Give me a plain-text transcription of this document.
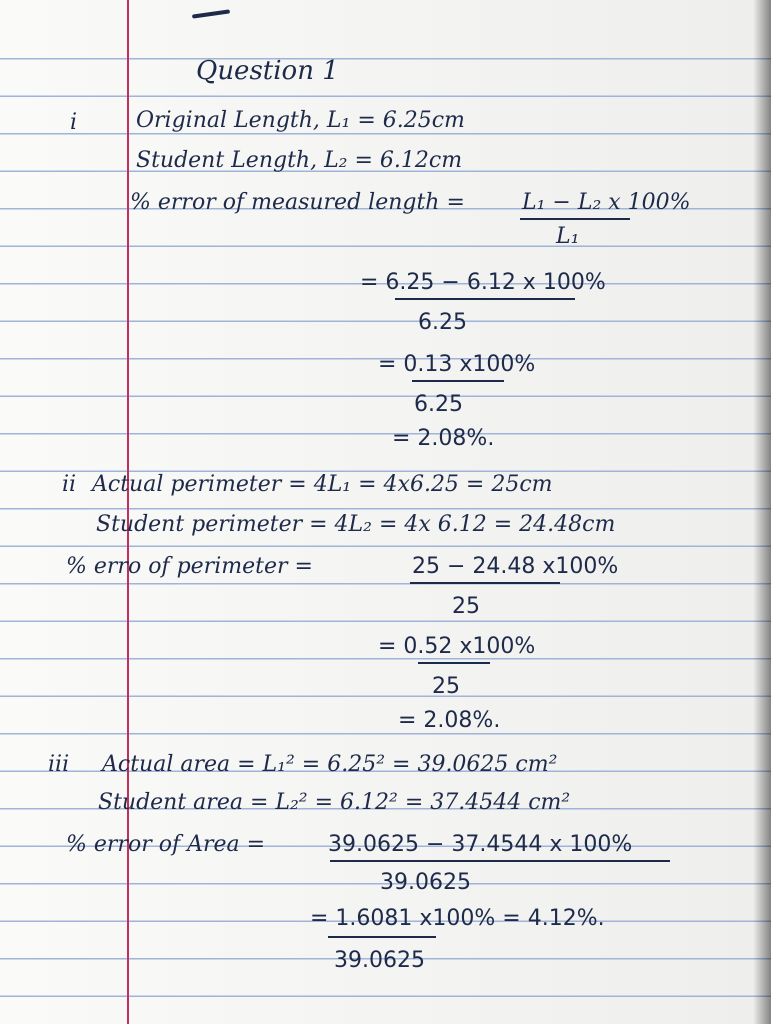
Question 1
i	Original Length, L₁ = 6.25cm
Student Length, L₂ = 6.12cm
% error of measured length =	L₁ − L₂ x 100%
L₁
= 6.25 − 6.12 x 100%
6.25
= 0.13 x100%
6.25
= 2.08%.
ii Actual perimeter = 4L₁ = 4x6.25 = 25cm
Student perimeter = 4L₂ = 4x 6.12 = 24.48cm
% erro of perimeter =	25 − 24.48 x100%
25
= 0.52 x100%
25
= 2.08%.
iii Actual area = L₁² = 6.25² = 39.0625 cm²
Student area = L₂² = 6.12² = 37.4544 cm²
% error of Area =	39.0625 − 37.4544 x 100%
39.0625
= 1.6081 x100% = 4.12%.
39.0625
